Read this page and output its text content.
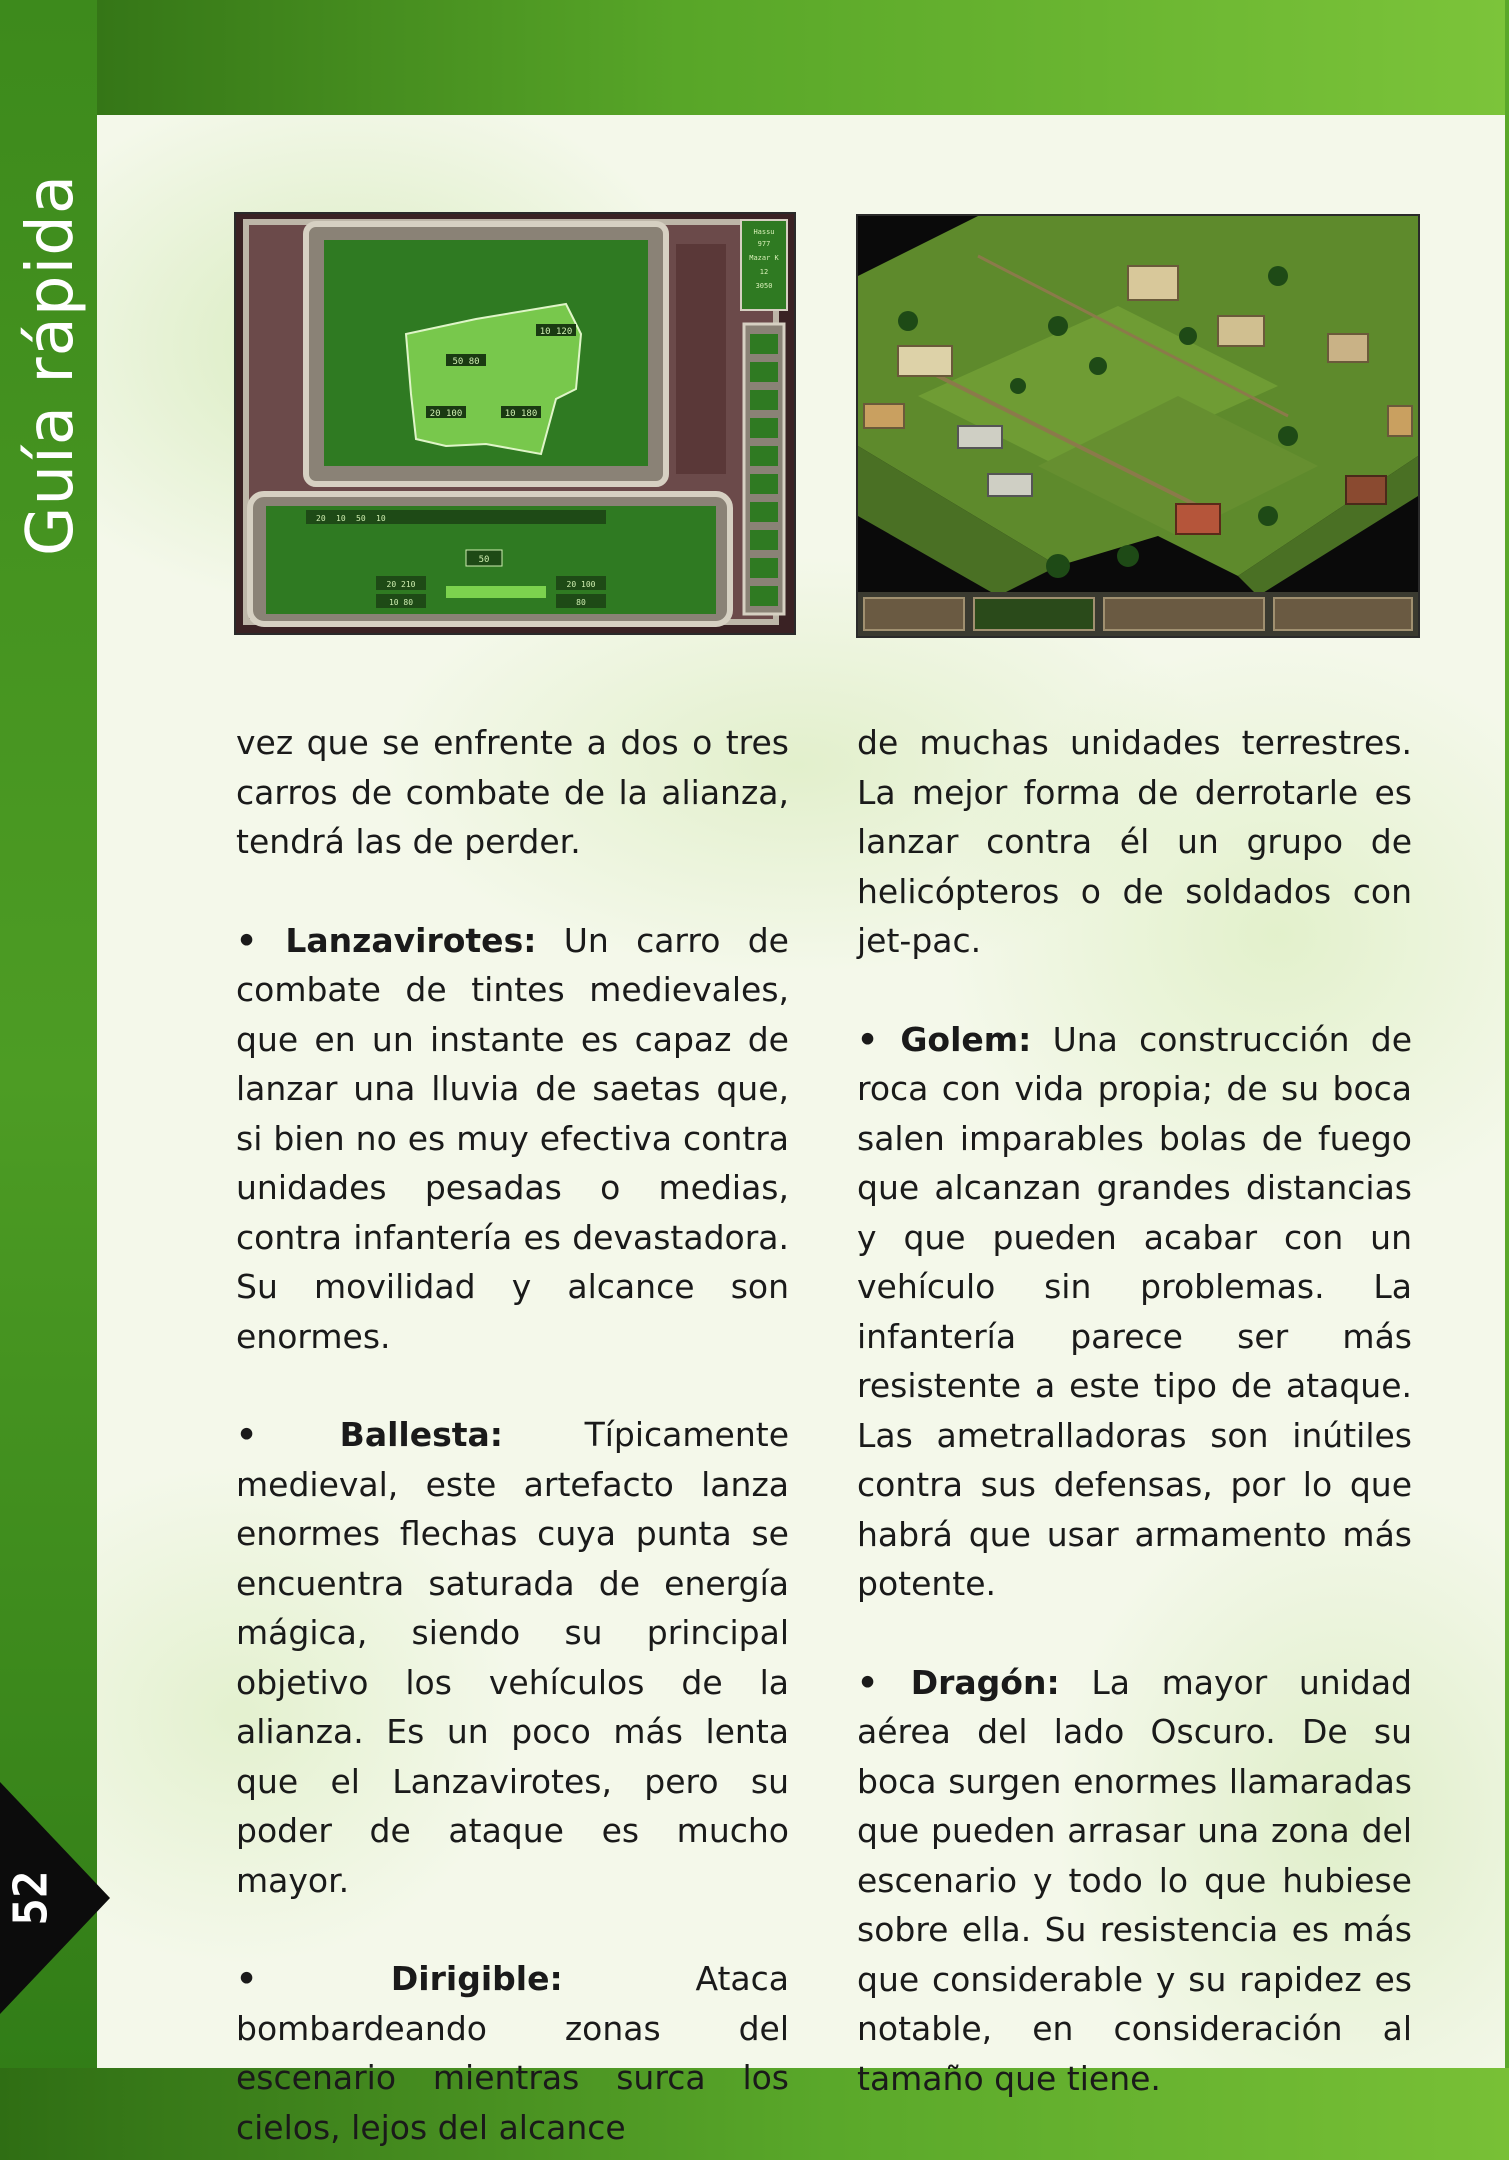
Guía rápida
52
10 120
50 80
20 100	10 180
Hassu
977
Mazar K
12
3050
20 10 50 10
50
20 210
10 80
20 100
80

vez que se enfrente a dos o tres carros de combate de la alianza, tendrá las de perder.

• Lanzavirotes: Un carro de combate de tintes medievales, que en un instante es capaz de lanzar una lluvia de saetas que, si bien no es muy efectiva contra unidades pesadas o medias, contra infantería es devastadora. Su movilidad y alcance son enormes.

• Ballesta: Típicamente medieval, este artefacto lanza enormes flechas cuya punta se encuentra saturada de energía mágica, siendo su principal objetivo los vehículos de la alianza. Es un poco más lenta que el Lanzavirotes, pero su poder de ataque es mucho mayor.

• Dirigible: Ataca bombardeando zonas del escenario mientras surca los cielos, lejos del alcance

de muchas unidades terrestres. La mejor forma de derrotarle es lanzar contra él un grupo de helicópteros o de soldados con jet-pac.

• Golem: Una construcción de roca con vida propia; de su boca salen imparables bolas de fuego que alcanzan grandes distancias y que pueden acabar con un vehículo sin problemas. La infantería parece ser más resistente a este tipo de ataque. Las ametralladoras son inútiles contra sus defensas, por lo que habrá que usar armamento más potente.

• Dragón: La mayor unidad aérea del lado Oscuro. De su boca surgen enormes llamaradas que pueden arrasar una zona del escenario y todo lo que hubiese sobre ella. Su resistencia es más que considerable y su rapidez es notable, en consideración al tamaño que tiene.
